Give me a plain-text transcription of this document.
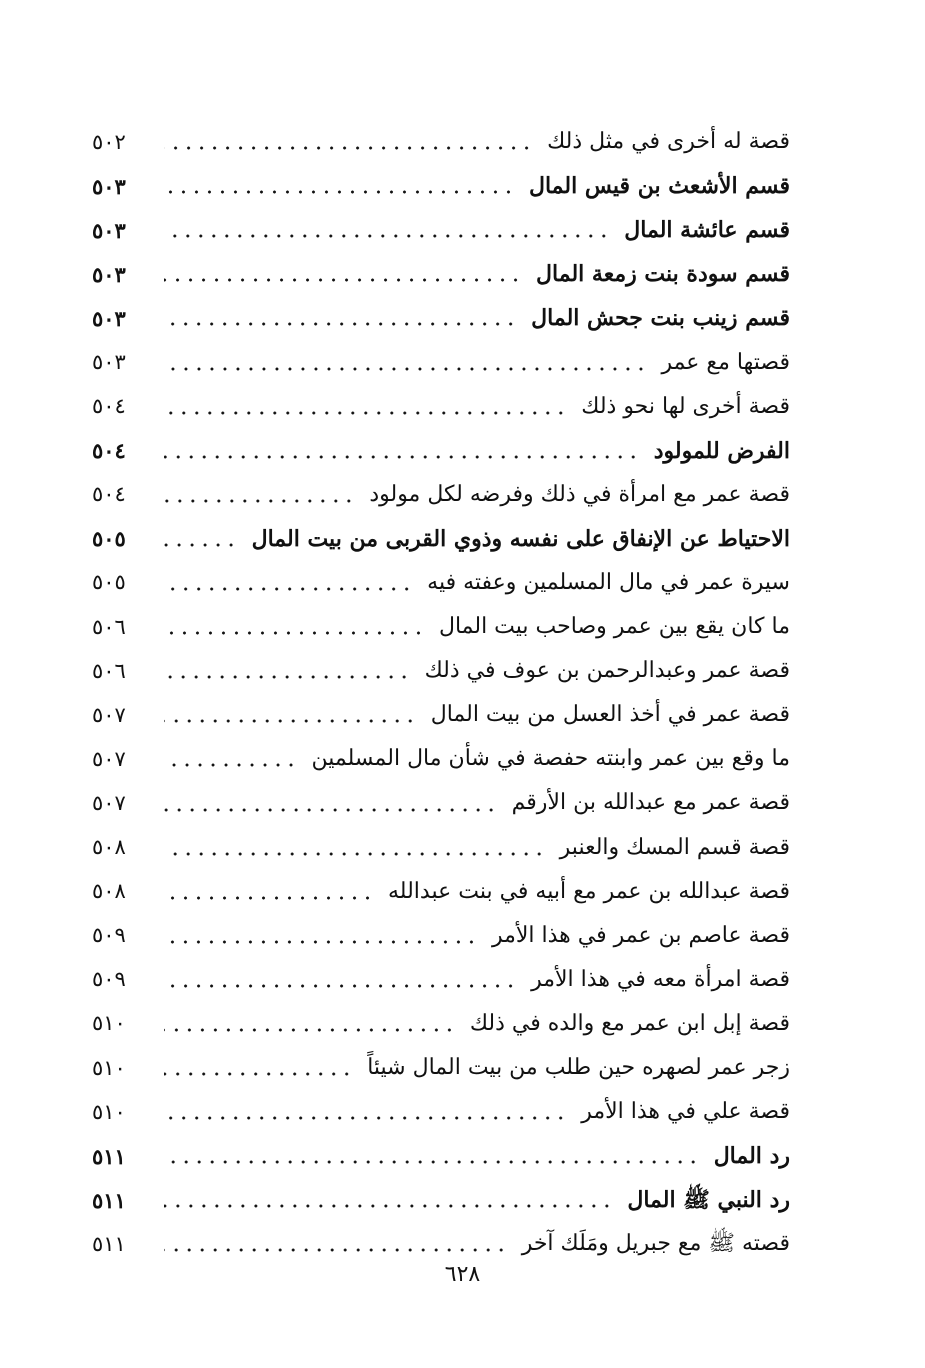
قصة له أخرى في مثل ذلك
٥٠٢
قسم الأشعث بن قيس المال
٥٠٣
قسم عائشة المال
٥٠٣
قسم سودة بنت زمعة المال
٥٠٣
قسم زينب بنت جحش المال
٥٠٣
قصتها مع عمر
٥٠٣
قصة أخرى لها نحو ذلك
٥٠٤
الفرض للمولود
٥٠٤
قصة عمر مع امرأة في ذلك وفرضه لكل مولود
٥٠٤
الاحتياط عن الإنفاق على نفسه وذوي القربى من بيت المال
٥٠٥
سيرة عمر في مال المسلمين وعفته فيه
٥٠٥
ما كان يقع بين عمر وصاحب بيت المال
٥٠٦
قصة عمر وعبدالرحمن بن عوف في ذلك
٥٠٦
قصة عمر في أخذ العسل من بيت المال
٥٠٧
ما وقع بين عمر وابنته حفصة في شأن مال المسلمين
٥٠٧
قصة عمر مع عبدالله بن الأرقم
٥٠٧
قصة قسم المسك والعنبر
٥٠٨
قصة عبدالله بن عمر مع أبيه في بنت عبدالله
٥٠٨
قصة عاصم بن عمر في هذا الأمر
٥٠٩
قصة امرأة معه في هذا الأمر
٥٠٩
قصة إبل ابن عمر مع والده في ذلك
٥١٠
زجر عمر لصهره حين طلب من بيت المال شيئاً
٥١٠
قصة علي في هذا الأمر
٥١٠
رد المال
٥١١
رد النبي ﷺ المال
٥١١
قصته ﷺ مع جبريل ومَلَك آخر
٥١١
٦٢٨
